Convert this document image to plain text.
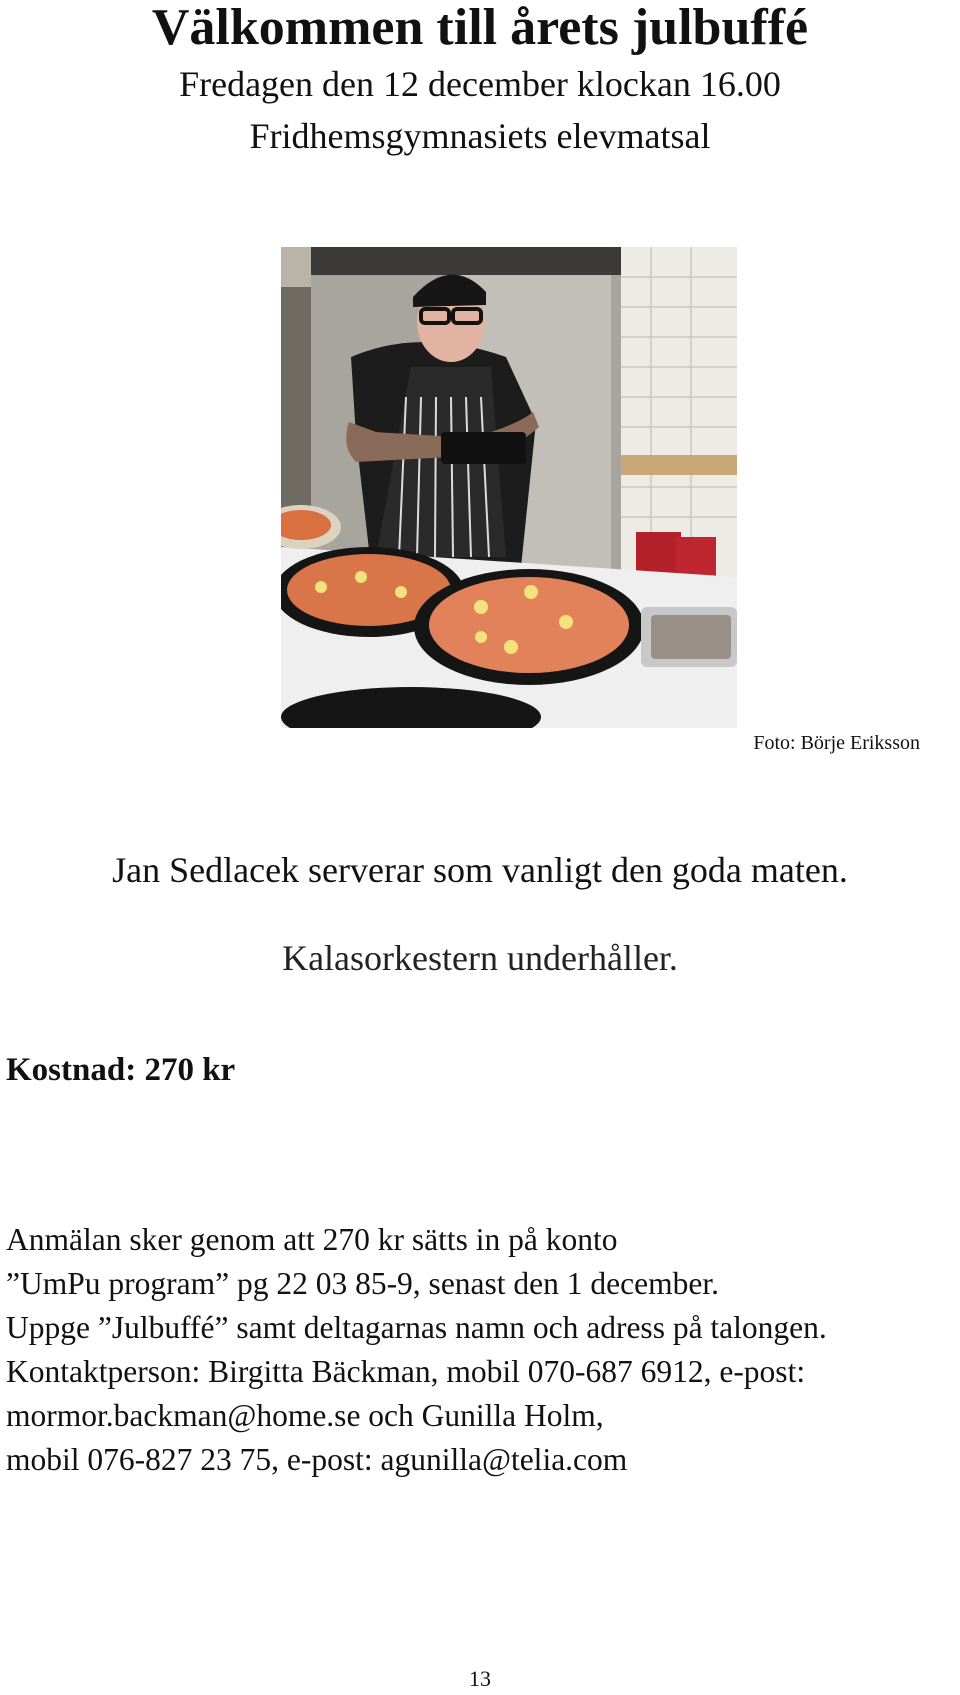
Välkommen till årets julbuffé
Fredagen den 12 december klockan 16.00
Fridhemsgymnasiets elevmatsal
Foto: Börje Eriksson
Jan Sedlacek serverar som vanligt den goda maten.
Kalasorkestern underhåller.
Kostnad: 270 kr
Anmälan sker genom att 270 kr sätts in på konto
”UmPu program” pg 22 03 85-9, senast den 1 december.
Uppge ”Julbuffé” samt deltagarnas namn och adress på talongen.
Kontaktperson: Birgitta Bäckman, mobil 070-687 6912, e-post:
mormor.backman@home.se och Gunilla Holm,
mobil 076-827 23 75, e-post: agunilla@telia.com
13
